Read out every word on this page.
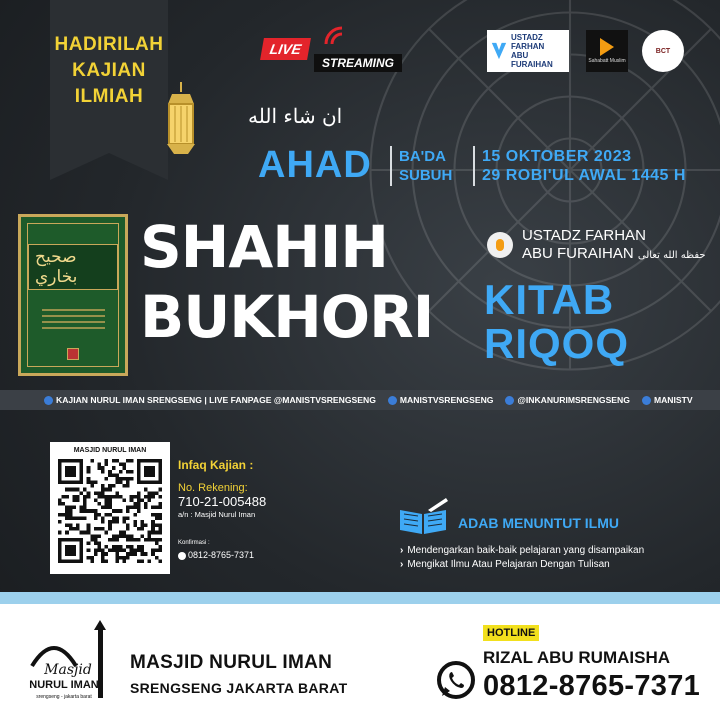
HADIRILAH
KAJIAN
ILMIAH
LIVE
STREAMING
USTADZ
FARHAN
ABU FURAIHAN	Sahabatt Muslim
BCT
ان شاء الله
AHAD BA'DA
SUBUH
15 OKTOBER 2023
29 ROBI'UL AWAL 1445 H
صحيح بخاري	SHAHIH
BUKHORI
USTADZ FARHAN
ABU FURAIHAN حفظه الله تعالى
KITAB
RIQOQ
KAJIAN NURUL IMAN SRENGSENG | LIVE FANPAGE @MANISTVSRENGSENG	MANISTVSRENGSENG	@INKANURIMSRENGSENG	MANISTV
MASJID NURUL IMAN
Infaq Kajian :
No. Rekening:
710-21-005488
a/n : Masjid Nurul Iman
Konfirmasi :
0812-8765-7371
ADAB MENUNTUT ILMU
› Mendengarkan baik-baik pelajaran yang disampaikan
› Mengikat Ilmu Atau Pelajaran Dengan Tulisan
Masjid
NURUL IMAN
srengseng - jakarta barat
MASJID NURUL IMAN
SRENGSENG JAKARTA BARAT
HOTLINE
RIZAL ABU RUMAISHA
0812-8765-7371
